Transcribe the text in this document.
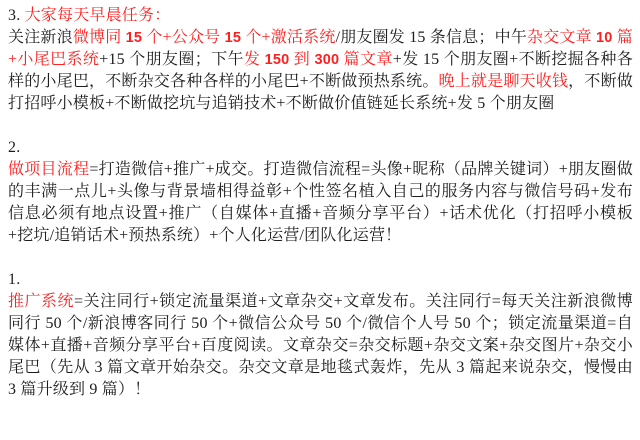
3. 大家每天早晨任务：

关注新浪微博同 15 个+公众号 15 个+激活系统/朋友圈发 15 条信息；中午杂交文章 10 篇+小尾巴系统+15 个朋友圈；下午发 150 到 300 篇文章+发 15 个朋友圈+不断挖掘各种各样的小尾巴，不断杂交各种各样的小尾巴+不断做预热系统。晚上就是聊天收钱，不断做打招呼小模板+不断做挖坑与追销技术+不断做价值链延长系统+发 5 个朋友圈

2.

做项目流程=打造微信+推广+成交。打造微信流程=头像+昵称（品牌关键词）+朋友圈做的丰满一点儿+头像与背景墙相得益彰+个性签名植入自己的服务内容与微信号码+发布信息必须有地点设置+推广（自媒体+直播+音频分享平台）+话术优化（打招呼小模板+挖坑/追销话术+预热系统）+个人化运营/团队化运营！

1.

推广系统=关注同行+锁定流量渠道+文章杂交+文章发布。关注同行=每天关注新浪微博同行 50 个/新浪博客同行 50 个+微信公众号 50 个/微信个人号 50 个；锁定流量渠道=自媒体+直播+音频分享平台+百度阅读。文章杂交=杂交标题+杂交文案+杂交图片+杂交小尾巴（先从 3 篇文章开始杂交。杂交文章是地毯式轰炸，先从 3 篇起来说杂交，慢慢由 3 篇升级到 9 篇）！
